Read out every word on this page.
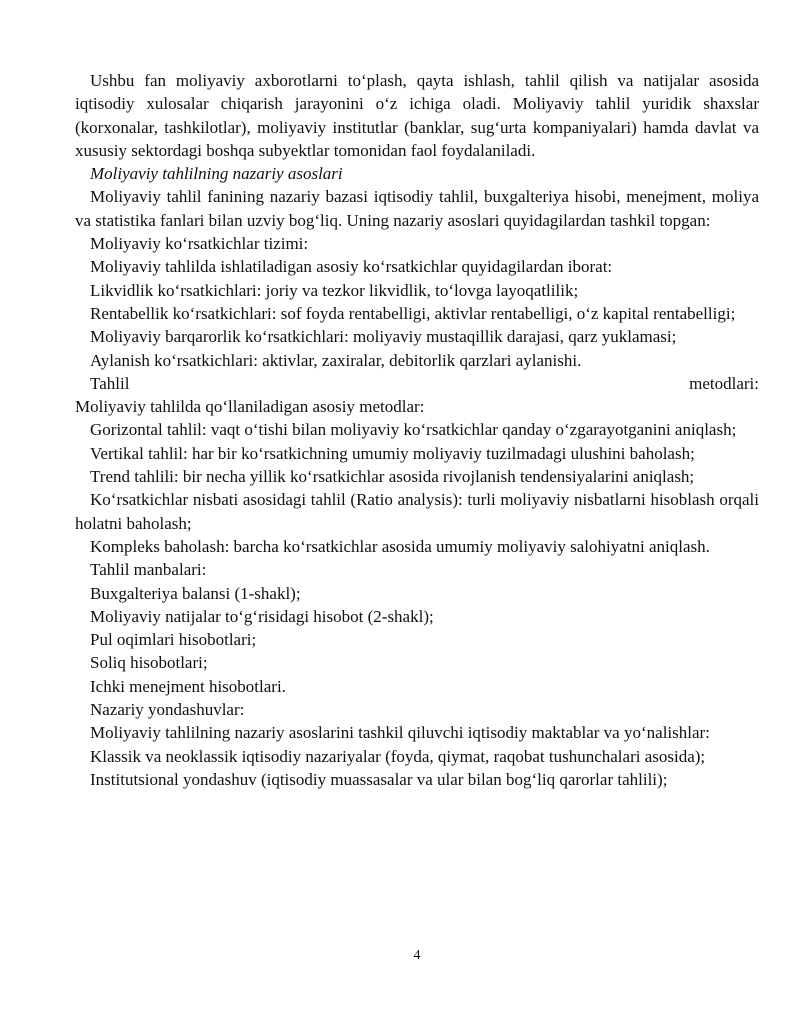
Ushbu fan moliyaviy axborotlarni to‘plash, qayta ishlash, tahlil qilish va natijalar asosida iqtisodiy xulosalar chiqarish jarayonini o‘z ichiga oladi. Moliyaviy tahlil yuridik shaxslar (korxonalar, tashkilotlar), moliyaviy institutlar (banklar, sug‘urta kompaniyalari) hamda davlat va xususiy sektordagi boshqa subyektlar tomonidan faol foydalaniladi.

Moliyaviy tahlilning nazariy asoslari

Moliyaviy tahlil fanining nazariy bazasi iqtisodiy tahlil, buxgalteriya hisobi, menejment, moliya va statistika fanlari bilan uzviy bog‘liq. Uning nazariy asoslari quyidagilardan tashkil topgan:

Moliyaviy ko‘rsatkichlar tizimi:

Moliyaviy tahlilda ishlatiladigan asosiy ko‘rsatkichlar quyidagilardan iborat:

Likvidlik ko‘rsatkichlari: joriy va tezkor likvidlik, to‘lovga layoqatlilik;

Rentabellik ko‘rsatkichlari: sof foyda rentabelligi, aktivlar rentabelligi, o‘z kapital rentabelligi;

Moliyaviy barqarorlik ko‘rsatkichlari: moliyaviy mustaqillik darajasi, qarz yuklamasi;

Aylanish ko‘rsatkichlari: aktivlar, zaxiralar, debitorlik qarzlari aylanishi.

Tahlil metodlari:

Moliyaviy tahlilda qo‘llaniladigan asosiy metodlar:

Gorizontal tahlil: vaqt o‘tishi bilan moliyaviy ko‘rsatkichlar qanday o‘zgarayotganini aniqlash;

Vertikal tahlil: har bir ko‘rsatkichning umumiy moliyaviy tuzilmadagi ulushini baholash;

Trend tahlili: bir necha yillik ko‘rsatkichlar asosida rivojlanish tendensiyalarini aniqlash;

Ko‘rsatkichlar nisbati asosidagi tahlil (Ratio analysis): turli moliyaviy nisbatlarni hisoblash orqali holatni baholash;

Kompleks baholash: barcha ko‘rsatkichlar asosida umumiy moliyaviy salohiyatni aniqlash.

Tahlil manbalari:

Buxgalteriya balansi (1-shakl);

Moliyaviy natijalar to‘g‘risidagi hisobot (2-shakl);

Pul oqimlari hisobotlari;

Soliq hisobotlari;

Ichki menejment hisobotlari.

Nazariy yondashuvlar:

Moliyaviy tahlilning nazariy asoslarini tashkil qiluvchi iqtisodiy maktablar va yo‘nalishlar:

Klassik va neoklassik iqtisodiy nazariyalar (foyda, qiymat, raqobat tushunchalari asosida);

Institutsional yondashuv (iqtisodiy muassasalar va ular bilan bog‘liq qarorlar tahlili);

4
